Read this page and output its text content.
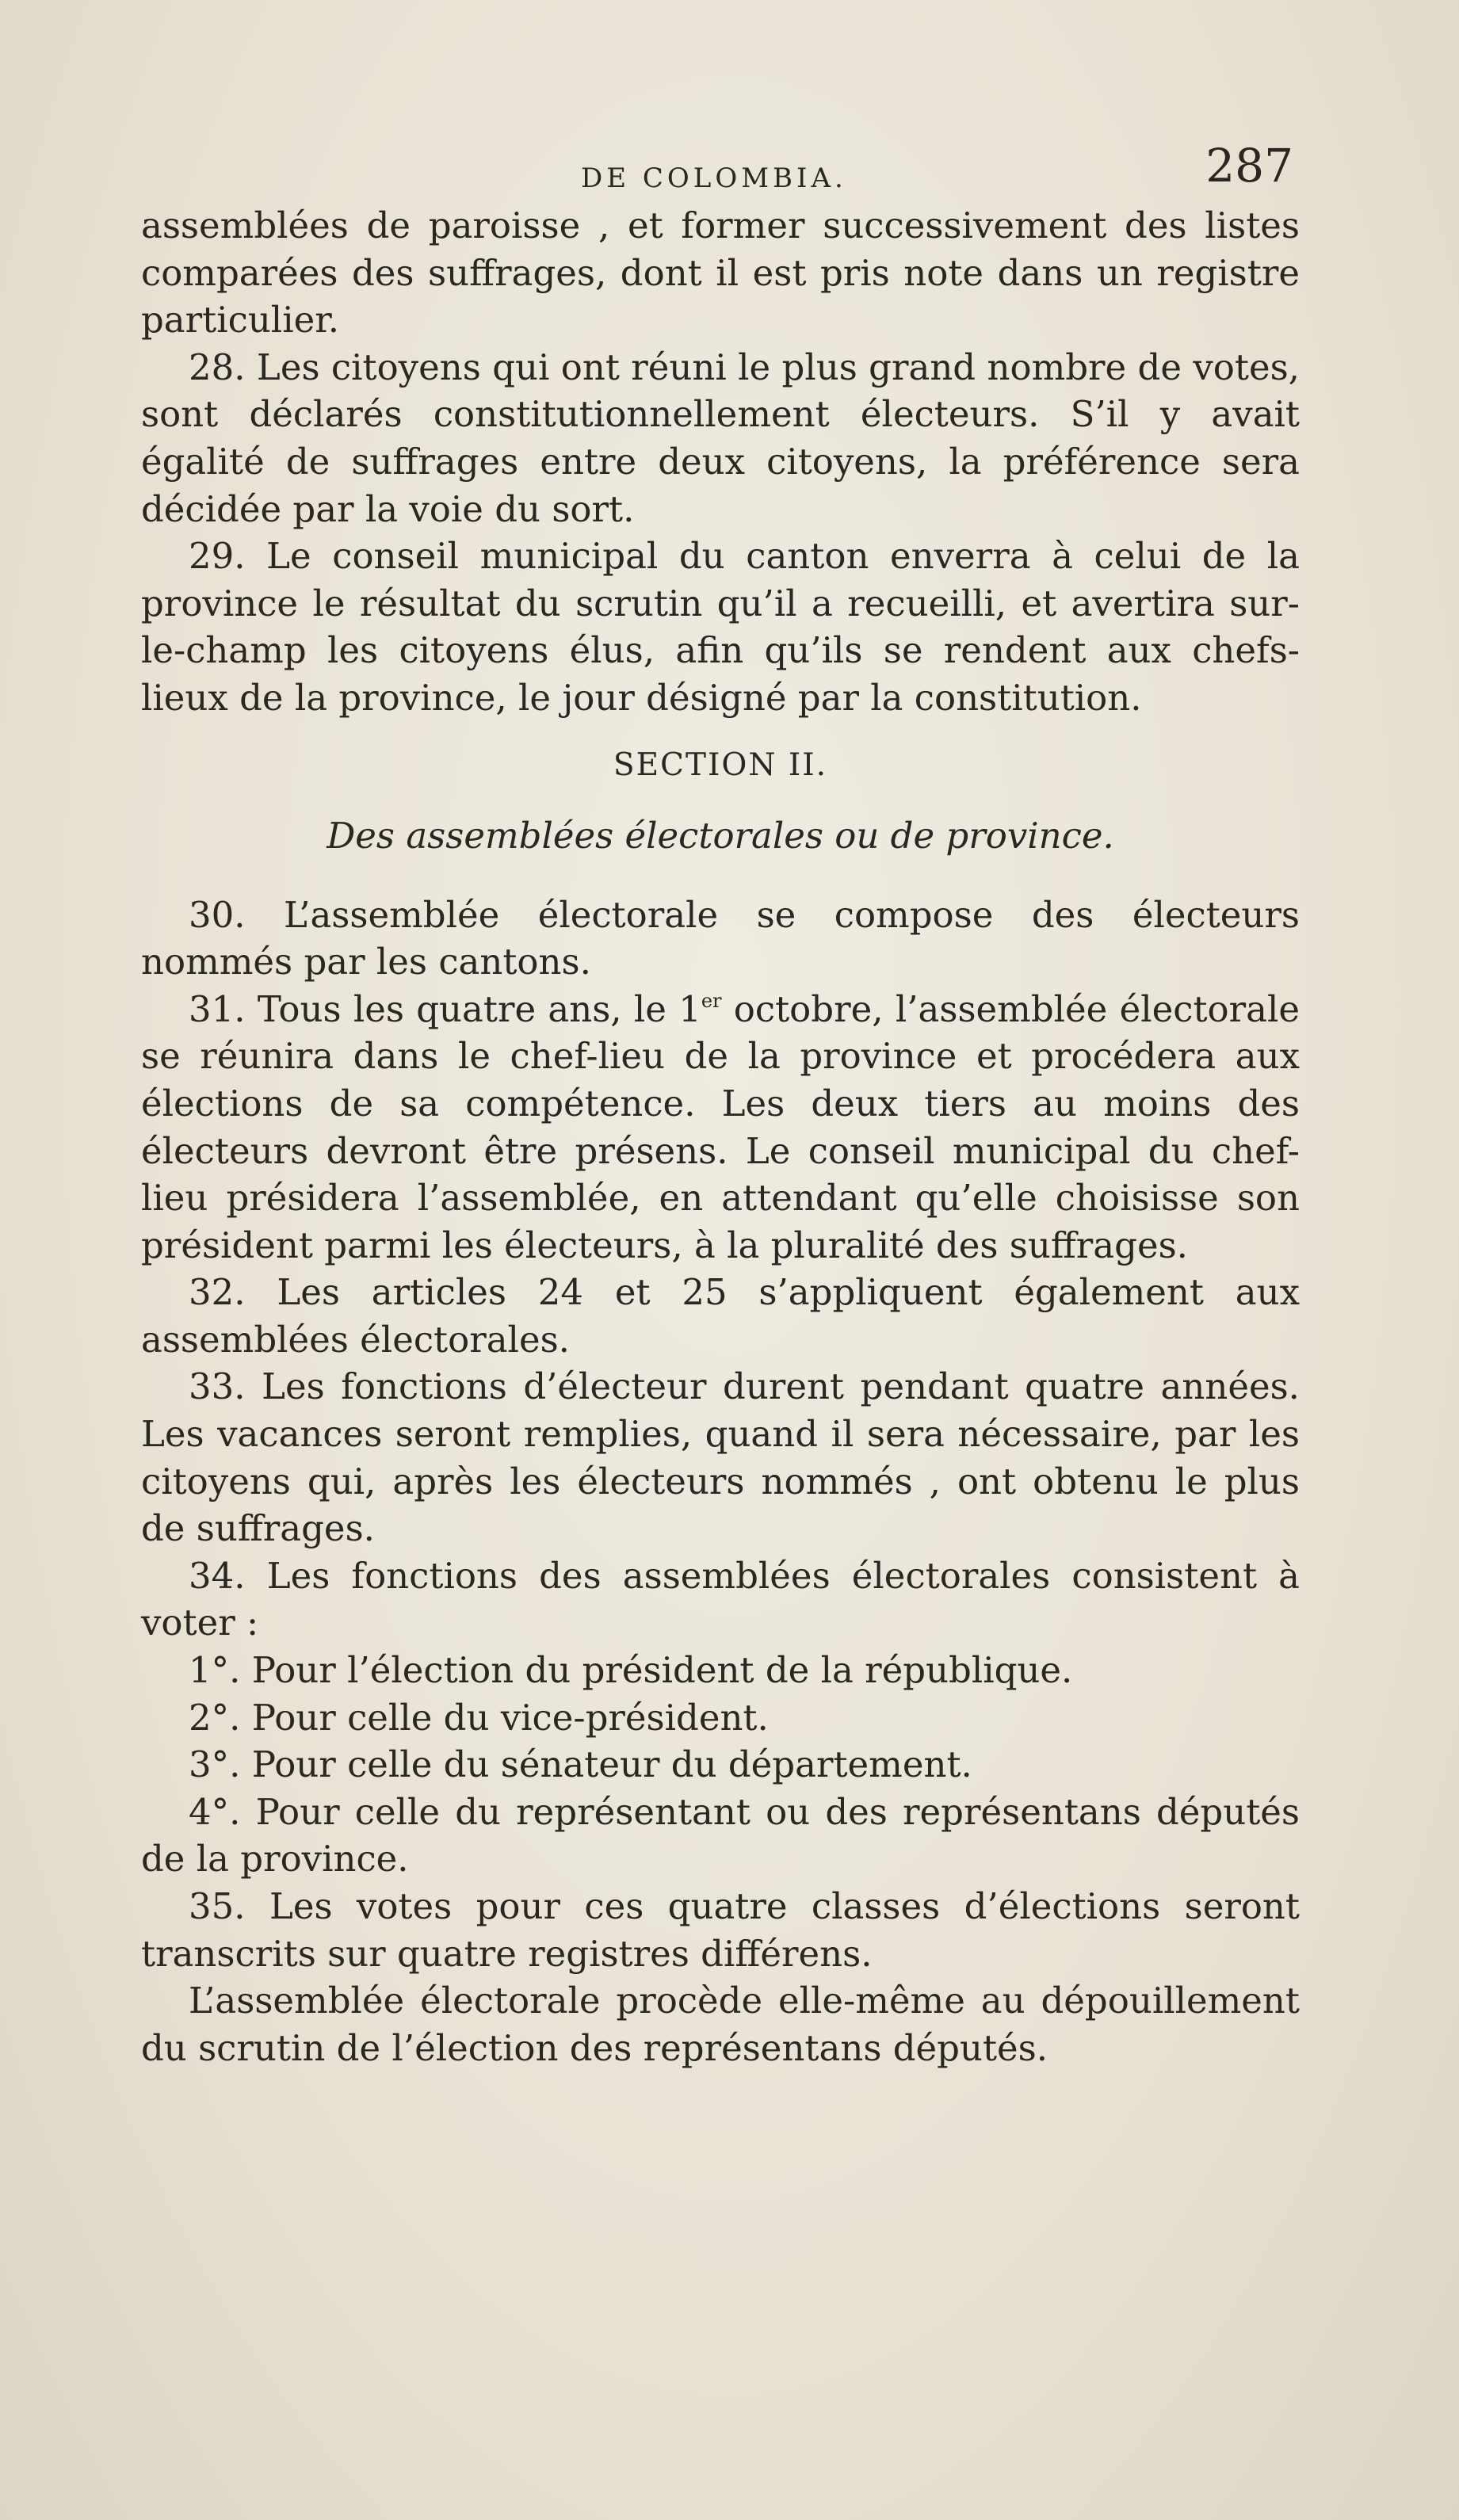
DE COLOMBIA.	287

assemblées de paroisse , et former successivement des listes comparées des suffrages, dont il est pris note dans un registre particulier.

28. Les citoyens qui ont réuni le plus grand nombre de votes, sont déclarés constitutionnellement électeurs. S’il y avait égalité de suffrages entre deux citoyens, la préférence sera décidée par la voie du sort.

29. Le conseil municipal du canton enverra à celui de la province le résultat du scrutin qu’il a recueilli, et avertira sur-le-champ les citoyens élus, afin qu’ils se rendent aux chefs-lieux de la province, le jour désigné par la constitution.

SECTION II.
Des assemblées électorales ou de province.

30. L’assemblée électorale se compose des électeurs nommés par les cantons.

31. Tous les quatre ans, le 1er octobre, l’assemblée électorale se réunira dans le chef-lieu de la province et procédera aux élections de sa compétence. Les deux tiers au moins des électeurs devront être présens. Le conseil municipal du chef-lieu présidera l’assemblée, en attendant qu’elle choisisse son président parmi les électeurs, à la pluralité des suffrages.

32. Les articles 24 et 25 s’appliquent également aux assemblées électorales.

33. Les fonctions d’électeur durent pendant quatre années. Les vacances seront remplies, quand il sera nécessaire, par les citoyens qui, après les électeurs nommés , ont obtenu le plus de suffrages.

34. Les fonctions des assemblées électorales consistent à voter :

1°. Pour l’élection du président de la république.

2°. Pour celle du vice-président.

3°. Pour celle du sénateur du département.

4°. Pour celle du représentant ou des représentans députés de la province.

35. Les votes pour ces quatre classes d’élections seront transcrits sur quatre registres différens.

L’assemblée électorale procède elle-même au dépouillement du scrutin de l’élection des représentans députés.
